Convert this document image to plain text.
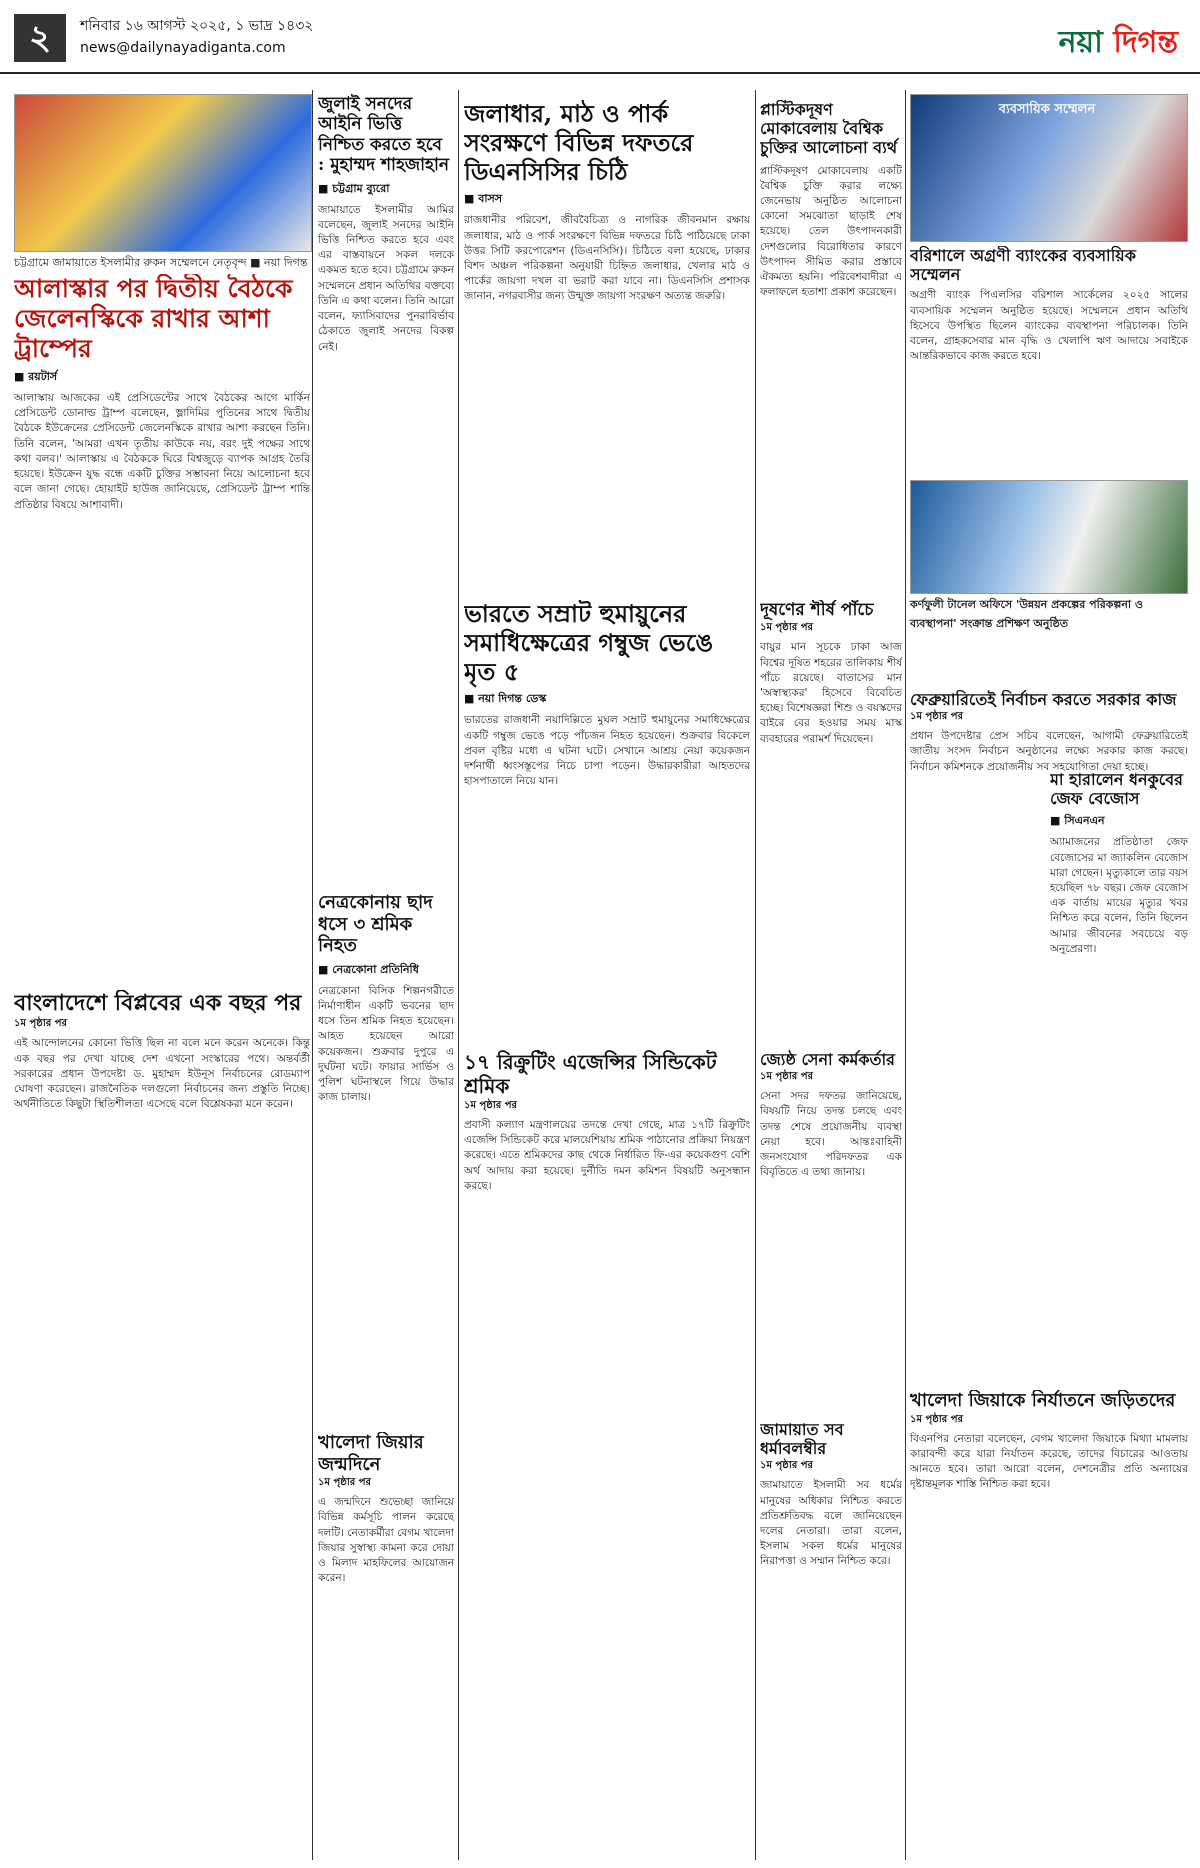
২	শনিবার ১৬ আগস্ট ২০২৫, ১ ভাদ্র ১৪৩২
news@dailynayadiganta.com	নয়া দিগন্ত
চট্টগ্রামে জামায়াতে ইসলামীর রুকন সম্মেলনে নেতৃবৃন্দ ■ নয়া দিগন্ত
আলাস্কার পর দ্বিতীয় বৈঠকে জেলেনস্কিকে রাখার আশা ট্রাম্পের
■ রয়টার্স
আলাস্কায় আজকের এই প্রেসিডেন্টের সাথে বৈঠকের আগে মার্কিন প্রেসিডেন্ট ডোনাল্ড ট্রাম্প বলেছেন, ভ্লাদিমির পুতিনের সাথে দ্বিতীয় বৈঠকে ইউক্রেনের প্রেসিডেন্ট জেলেনস্কিকে রাখার আশা করছেন তিনি। তিনি বলেন, 'আমরা এখন তৃতীয় কাউকে নয়, বরং দুই পক্ষের সাথে কথা বলব।' আলাস্কায় এ বৈঠককে ঘিরে বিশ্বজুড়ে ব্যাপক আগ্রহ তৈরি হয়েছে। ইউক্রেন যুদ্ধ বন্ধে একটি চুক্তির সম্ভাবনা নিয়ে আলোচনা হবে বলে জানা গেছে। হোয়াইট হাউজ জানিয়েছে, প্রেসিডেন্ট ট্রাম্প শান্তি প্রতিষ্ঠার বিষয়ে আশাবাদী।
বাংলাদেশে বিপ্লবের এক বছর পর
১ম পৃষ্ঠার পর
এই আন্দোলনের কোনো ভিত্তি ছিল না বলে মনে করেন অনেকে। কিন্তু এক বছর পর দেখা যাচ্ছে দেশ এখনো সংস্কারের পথে। অন্তর্বর্তী সরকারের প্রধান উপদেষ্টা ড. মুহাম্মদ ইউনূস নির্বাচনের রোডম্যাপ ঘোষণা করেছেন। রাজনৈতিক দলগুলো নির্বাচনের জন্য প্রস্তুতি নিচ্ছে। অর্থনীতিতে কিছুটা স্থিতিশীলতা এসেছে বলে বিশ্লেষকরা মনে করেন।
জুলাই সনদের আইনি ভিত্তি নিশ্চিত করতে হবে : মুহাম্মদ শাহজাহান
■ চট্টগ্রাম ব্যুরো
জামায়াতে ইসলামীর আমির বলেছেন, জুলাই সনদের আইনি ভিত্তি নিশ্চিত করতে হবে এবং এর বাস্তবায়নে সকল দলকে একমত হতে হবে। চট্টগ্রামে রুকন সম্মেলনে প্রধান অতিথির বক্তব্যে তিনি এ কথা বলেন। তিনি আরো বলেন, ফ্যাসিবাদের পুনরাবির্ভাব ঠেকাতে জুলাই সনদের বিকল্প নেই।
নেত্রকোনায় ছাদ ধসে ৩ শ্রমিক নিহত
■ নেত্রকোনা প্রতিনিধি
নেত্রকোনা বিসিক শিল্পনগরীতে নির্মাণাধীন একটি ভবনের ছাদ ধসে তিন শ্রমিক নিহত হয়েছেন। আহত হয়েছেন আরো কয়েকজন। শুক্রবার দুপুরে এ দুর্ঘটনা ঘটে। ফায়ার সার্ভিস ও পুলিশ ঘটনাস্থলে গিয়ে উদ্ধার কাজ চালায়।
খালেদা জিয়ার জন্মদিনে
১ম পৃষ্ঠার পর
এ জন্মদিনে শুভেচ্ছা জানিয়ে বিভিন্ন কর্মসূচি পালন করেছে দলটি। নেতাকর্মীরা বেগম খালেদা জিয়ার সুস্বাস্থ্য কামনা করে দোয়া ও মিলাদ মাহফিলের আয়োজন করেন।
জলাধার, মাঠ ও পার্ক সংরক্ষণে বিভিন্ন দফতরে ডিএনসিসির চিঠি
■ বাসস
রাজধানীর পরিবেশ, জীববৈচিত্র্য ও নাগরিক জীবনমান রক্ষায় জলাধার, মাঠ ও পার্ক সংরক্ষণে বিভিন্ন দফতরে চিঠি পাঠিয়েছে ঢাকা উত্তর সিটি করপোরেশন (ডিএনসিসি)। চিঠিতে বলা হয়েছে, ঢাকার বিশদ অঞ্চল পরিকল্পনা অনুযায়ী চিহ্নিত জলাধার, খেলার মাঠ ও পার্কের জায়গা দখল বা ভরাট করা যাবে না। ডিএনসিসি প্রশাসক জানান, নগরবাসীর জন্য উন্মুক্ত জায়গা সংরক্ষণ অত্যন্ত জরুরি।
প্লাস্টিকদূষণ মোকাবেলায় বৈশ্বিক চুক্তির আলোচনা ব্যর্থ
প্লাস্টিকদূষণ মোকাবেলায় একটি বৈশ্বিক চুক্তি করার লক্ষ্যে জেনেভায় অনুষ্ঠিত আলোচনা কোনো সমঝোতা ছাড়াই শেষ হয়েছে। তেল উৎপাদনকারী দেশগুলোর বিরোধিতার কারণে উৎপাদন সীমিত করার প্রস্তাবে ঐকমত্য হয়নি। পরিবেশবাদীরা এ ফলাফলে হতাশা প্রকাশ করেছেন।
ভারতে সম্রাট হুমায়ুনের সমাধিক্ষেত্রের গম্বুজ ভেঙে মৃত ৫
■ নয়া দিগন্ত ডেস্ক
ভারতের রাজধানী নয়াদিল্লিতে মুঘল সম্রাট হুমায়ুনের সমাধিক্ষেত্রের একটি গম্বুজ ভেঙে পড়ে পাঁচজন নিহত হয়েছেন। শুক্রবার বিকেলে প্রবল বৃষ্টির মধ্যে এ ঘটনা ঘটে। সেখানে আশ্রয় নেয়া কয়েকজন দর্শনার্থী ধ্বংসস্তূপের নিচে চাপা পড়েন। উদ্ধারকারীরা আহতদের হাসপাতালে নিয়ে যান।
১৭ রিক্রুটিং এজেন্সির সিন্ডিকেট শ্রমিক
১ম পৃষ্ঠার পর
প্রবাসী কল্যাণ মন্ত্রণালয়ের তদন্তে দেখা গেছে, মাত্র ১৭টি রিক্রুটিং এজেন্সি সিন্ডিকেট করে মালয়েশিয়ায় শ্রমিক পাঠানোর প্রক্রিয়া নিয়ন্ত্রণ করেছে। এতে শ্রমিকদের কাছ থেকে নির্ধারিত ফি-এর কয়েকগুণ বেশি অর্থ আদায় করা হয়েছে। দুর্নীতি দমন কমিশন বিষয়টি অনুসন্ধান করছে।
দূষণের শীর্ষ পাঁচে
১ম পৃষ্ঠার পর
বায়ুর মান সূচকে ঢাকা আজ বিশ্বের দূষিত শহরের তালিকায় শীর্ষ পাঁচে রয়েছে। বাতাসের মান 'অস্বাস্থ্যকর' হিসেবে বিবেচিত হচ্ছে। বিশেষজ্ঞরা শিশু ও বয়স্কদের বাইরে বের হওয়ার সময় মাস্ক ব্যবহারের পরামর্শ দিয়েছেন।
জ্যেষ্ঠ সেনা কর্মকর্তার
১ম পৃষ্ঠার পর
সেনা সদর দফতর জানিয়েছে, বিষয়টি নিয়ে তদন্ত চলছে এবং তদন্ত শেষে প্রয়োজনীয় ব্যবস্থা নেয়া হবে। আন্তঃবাহিনী জনসংযোগ পরিদফতর এক বিবৃতিতে এ তথ্য জানায়।
জামায়াত সব ধর্মাবলম্বীর
১ম পৃষ্ঠার পর
জামায়াতে ইসলামী সব ধর্মের মানুষের অধিকার নিশ্চিত করতে প্রতিশ্রুতিবদ্ধ বলে জানিয়েছেন দলের নেতারা। তারা বলেন, ইসলাম সকল ধর্মের মানুষের নিরাপত্তা ও সম্মান নিশ্চিত করে।
ব্যবসায়িক সম্মেলন
বরিশালে অগ্রণী ব্যাংকের ব্যবসায়িক সম্মেলন
অগ্রণী ব্যাংক পিএলসির বরিশাল সার্কেলের ২০২৫ সালের ব্যবসায়িক সম্মেলন অনুষ্ঠিত হয়েছে। সম্মেলনে প্রধান অতিথি হিসেবে উপস্থিত ছিলেন ব্যাংকের ব্যবস্থাপনা পরিচালক। তিনি বলেন, গ্রাহকসেবার মান বৃদ্ধি ও খেলাপি ঋণ আদায়ে সবাইকে আন্তরিকভাবে কাজ করতে হবে।
কর্ণফুলী টানেল অফিসে 'উন্নয়ন প্রকল্পের পরিকল্পনা ও ব্যবস্থাপনা' সংক্রান্ত প্রশিক্ষণ অনুষ্ঠিত
ফেব্রুয়ারিতেই নির্বাচন করতে সরকার কাজ
১ম পৃষ্ঠার পর
প্রধান উপদেষ্টার প্রেস সচিব বলেছেন, আগামী ফেব্রুয়ারিতেই জাতীয় সংসদ নির্বাচন অনুষ্ঠানের লক্ষ্যে সরকার কাজ করছে। নির্বাচন কমিশনকে প্রয়োজনীয় সব সহযোগিতা দেয়া হচ্ছে।
মা হারালেন ধনকুবের জেফ বেজোস
■ সিএনএন
অ্যামাজনের প্রতিষ্ঠাতা জেফ বেজোসের মা জ্যাকলিন বেজোস মারা গেছেন। মৃত্যুকালে তার বয়স হয়েছিল ৭৮ বছর। জেফ বেজোস এক বার্তায় মায়ের মৃত্যুর খবর নিশ্চিত করে বলেন, তিনি ছিলেন আমার জীবনের সবচেয়ে বড় অনুপ্রেরণা।
খালেদা জিয়াকে নির্যাতনে জড়িতদের
১ম পৃষ্ঠার পর
বিএনপির নেতারা বলেছেন, বেগম খালেদা জিয়াকে মিথ্যা মামলায় কারাবন্দী করে যারা নির্যাতন করেছে, তাদের বিচারের আওতায় আনতে হবে। তারা আরো বলেন, দেশনেত্রীর প্রতি অন্যায়ের দৃষ্টান্তমূলক শাস্তি নিশ্চিত করা হবে।
